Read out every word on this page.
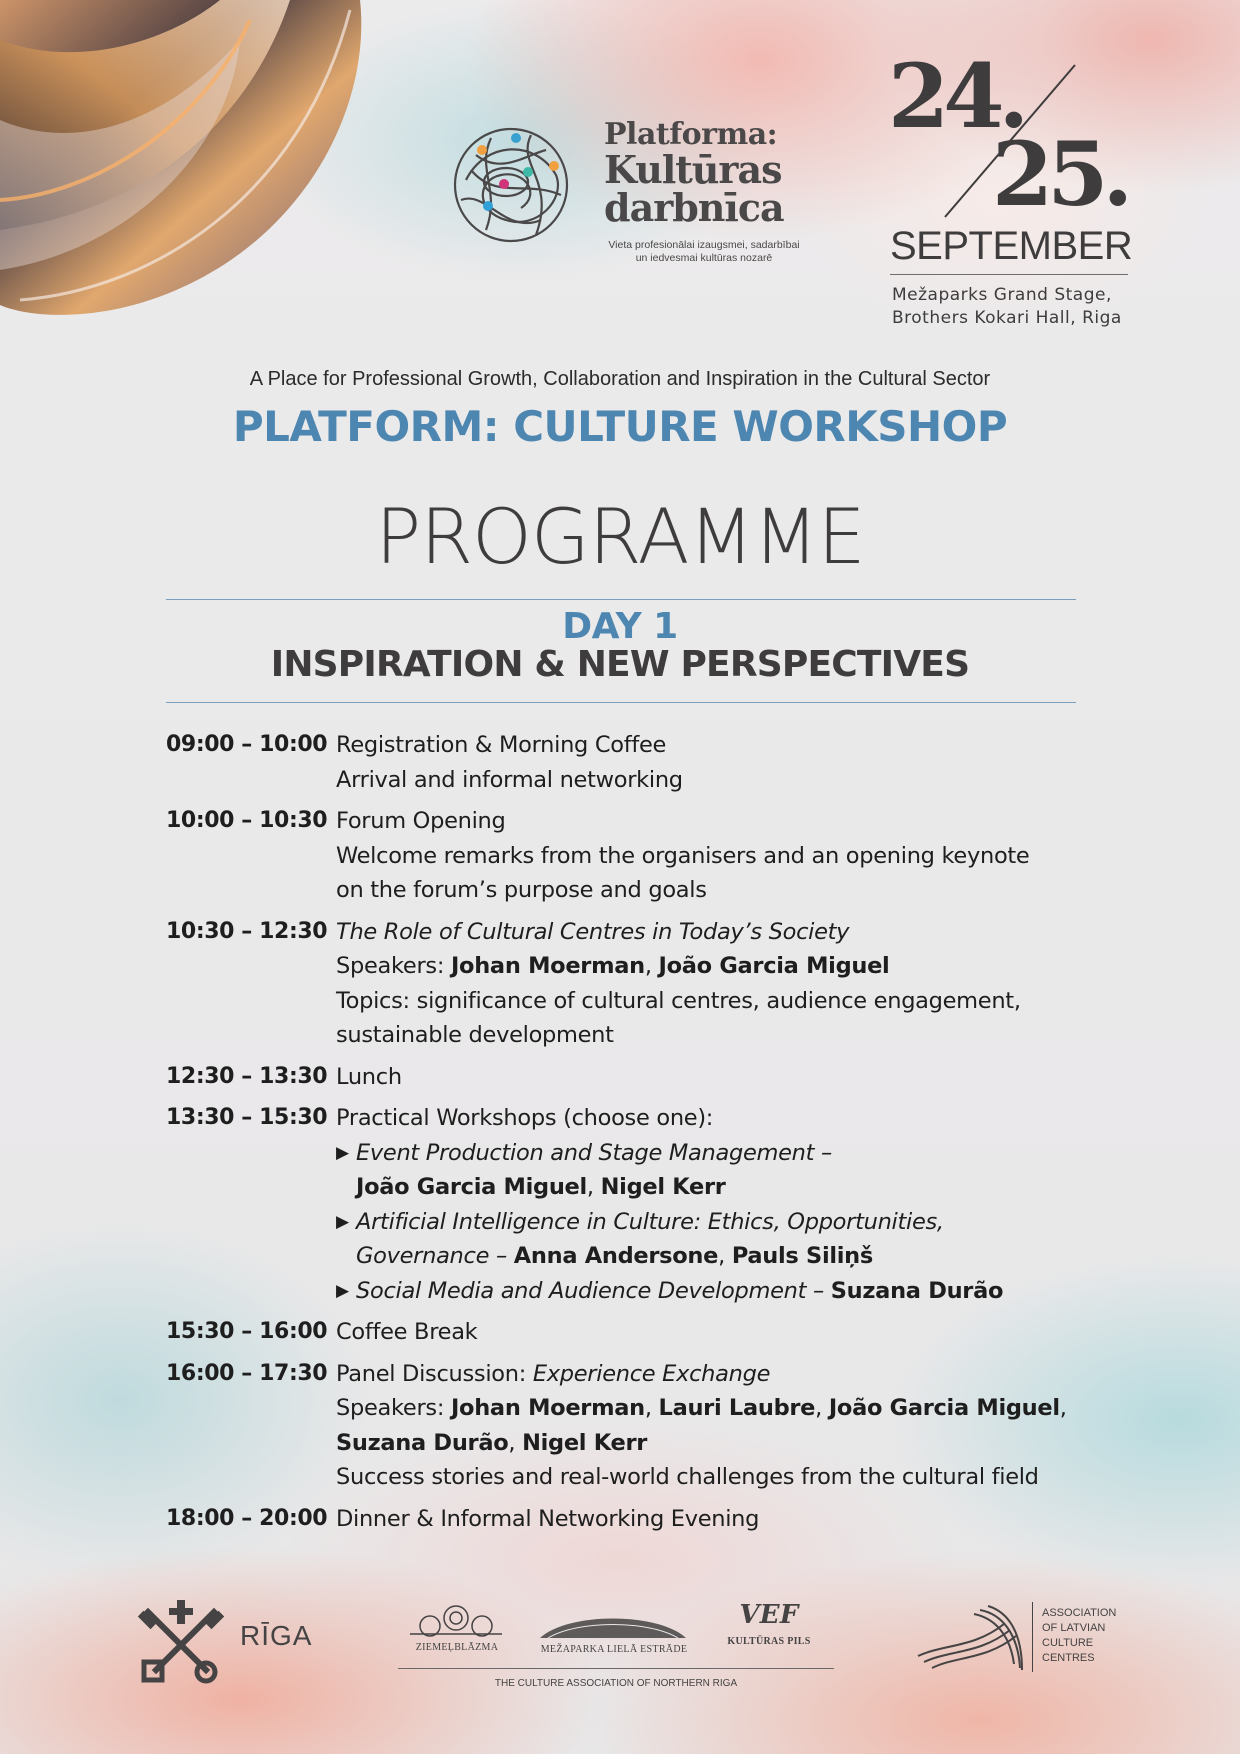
Platforma:
Kultūras
darbnīca
Vieta profesionālai izaugsmei, sadarbībai un iedvesmai kultūras nozarē
24.
25.
SEPTEMBER
Mežaparks Grand Stage,
Brothers Kokari Hall, Riga
A Place for Professional Growth, Collaboration and Inspiration in the Cultural Sector
PLATFORM: CULTURE WORKSHOP
PROGRAMME
DAY 1
INSPIRATION & NEW PERSPECTIVES
09:00 – 10:00 Registration & Morning Coffee
Arrival and informal networking
10:00 – 10:30 Forum Opening
Welcome remarks from the organisers and an opening keynote
on the forum’s purpose and goals
10:30 – 12:30 The Role of Cultural Centres in Today’s Society
Speakers: Johan Moerman, João Garcia Miguel
Topics: significance of cultural centres, audience engagement,
sustainable development
12:30 – 13:30 Lunch
13:30 – 15:30 Practical Workshops (choose one):
▶ Event Production and Stage Management –
João Garcia Miguel, Nigel Kerr
▶ Artificial Intelligence in Culture: Ethics, Opportunities,
Governance – Anna Andersone, Pauls Siliņš
▶ Social Media and Audience Development – Suzana Durão
15:30 – 16:00 Coffee Break
16:00 – 17:30 Panel Discussion: Experience Exchange
Speakers: Johan Moerman, Lauri Laubre, João Garcia Miguel,
Suzana Durão, Nigel Kerr
Success stories and real-world challenges from the cultural field
18:00 – 20:00 Dinner & Informal Networking Evening
RĪGA	ZIEMEĻBLĀZMA	MEŽAPARKA LIELĀ ESTRĀDE
VEF
KULTŪRAS PILS
THE CULTURE ASSOCIATION OF NORTHERN RIGA
ASSOCIATION
OF LATVIAN
CULTURE
CENTRES
